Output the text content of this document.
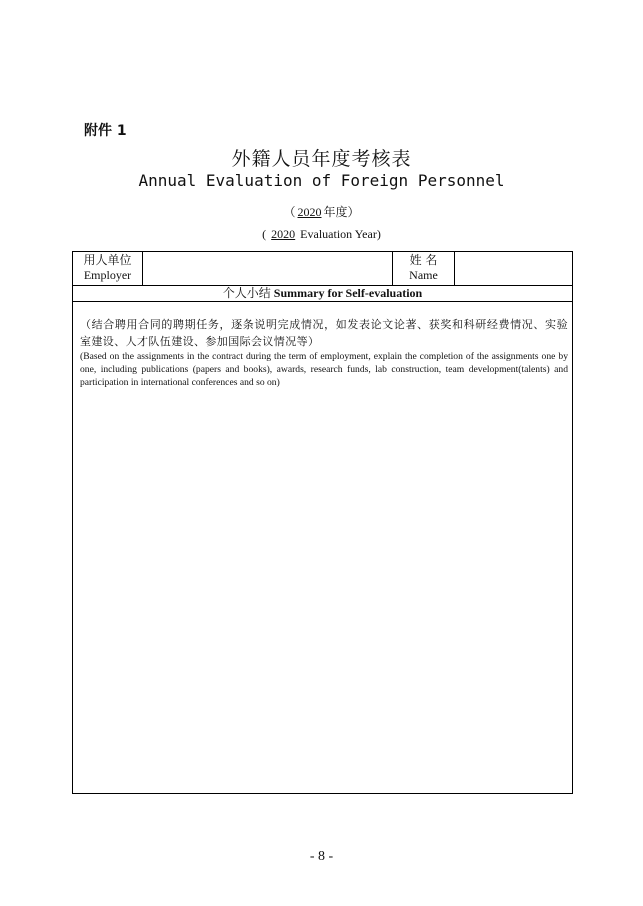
附件 1
外籍人员年度考核表
Annual Evaluation of Foreign Personnel
（ 2020 年度）
( 2020 Evaluation Year)
用人单位
Employer
姓 名
Name
个人小结 Summary for Self-evaluation
（结合聘用合同的聘期任务，逐条说明完成情况，如发表论文论著、获奖和科研经费情况、实验室建设、人才队伍建设、参加国际会议情况等）
(Based on the assignments in the contract during the term of employment, explain the completion of the assignments one by one, including publications (papers and books), awards, research funds, lab construction, team development(talents) and participation in international conferences and so on)
- 8 -
